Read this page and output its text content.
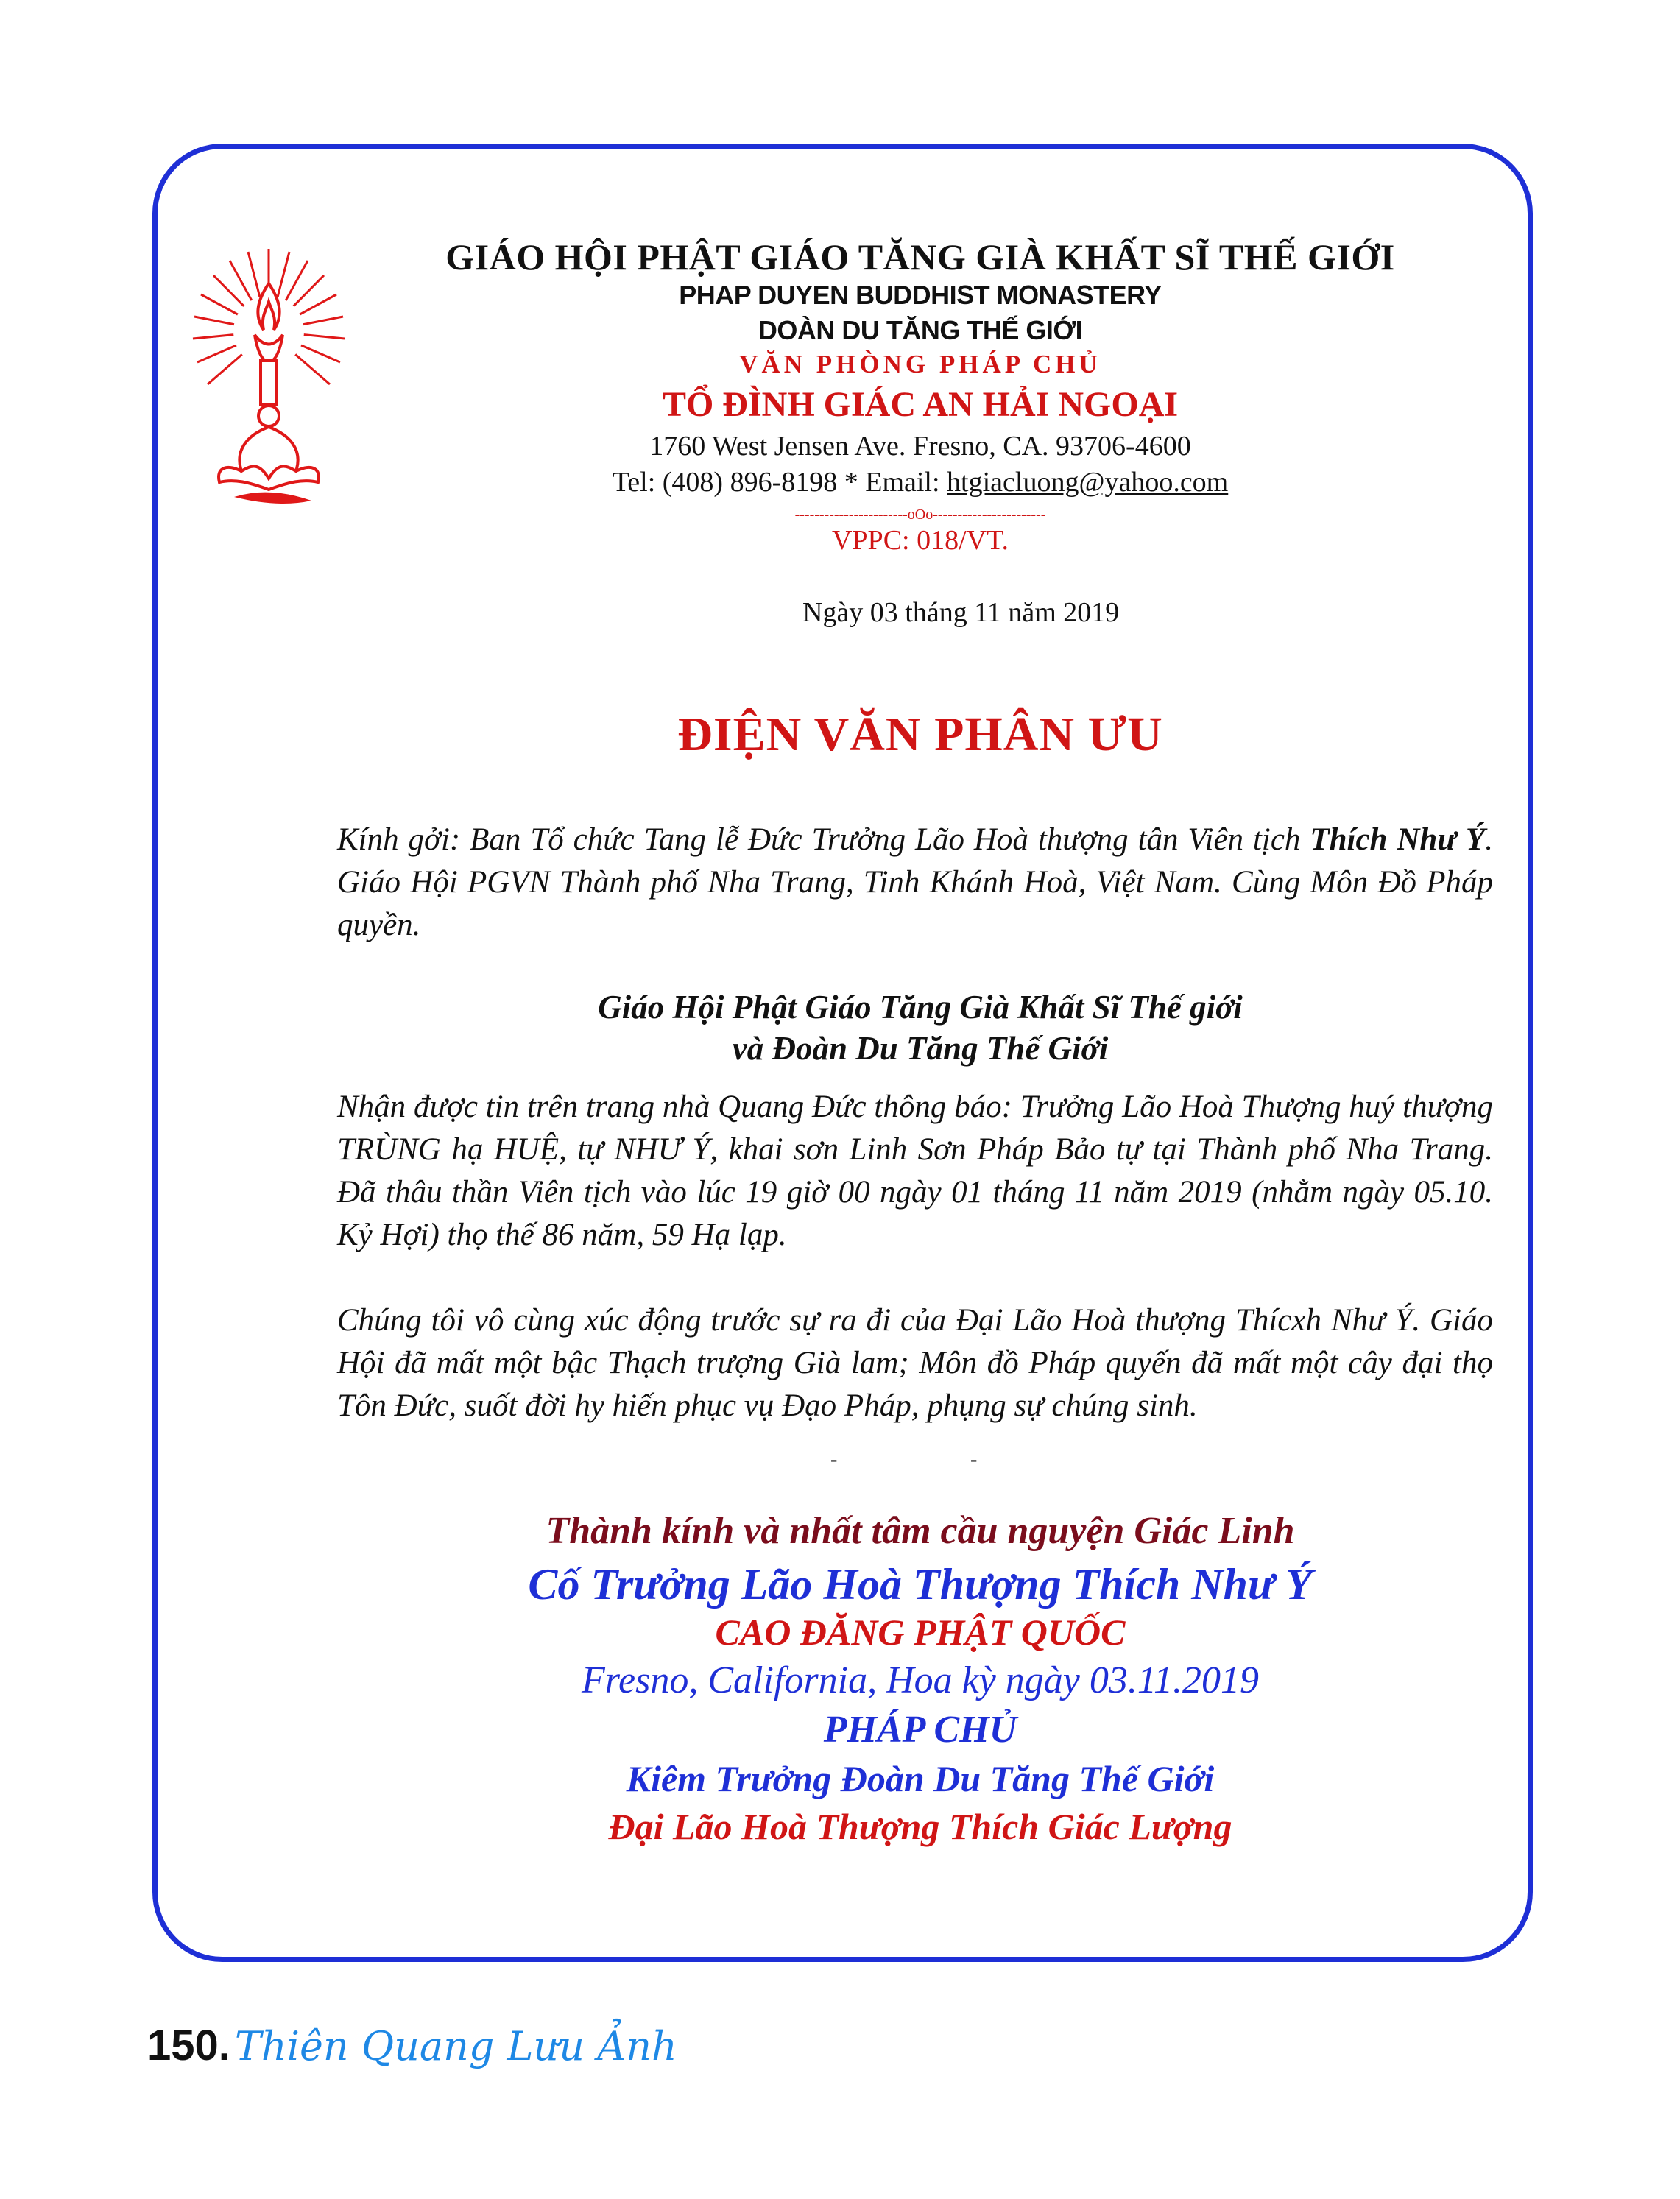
GIÁO HỘI PHẬT GIÁO TĂNG GIÀ KHẤT SĨ THẾ GIỚI
PHAP DUYEN BUDDHIST MONASTERY
DOÀN DU TĂNG THẾ GIỚI
VĂN PHÒNG PHÁP CHỦ
TỔ ĐÌNH GIÁC AN HẢI NGOẠI
1760 West Jensen Ave. Fresno, CA. 93706-4600
Tel: (408) 896-8198 * Email: htgiacluong@yahoo.com
-----------------------oOo-----------------------
VPPC: 018/VT.
Ngày 03 tháng 11 năm 2019
ĐIỆN VĂN PHÂN ƯU

Kính gởi: Ban Tổ chức Tang lễ Đức Trưởng Lão Hoà thượng tân Viên tịch Thích Như Ý. Giáo Hội PGVN Thành phố Nha Trang, Tinh Khánh Hoà, Việt Nam. Cùng Môn Đồ Pháp quyền.

Giáo Hội Phật Giáo Tăng Già Khất Sĩ Thế giới
và Đoàn Du Tăng Thế Giới

Nhận được tin trên trang nhà Quang Đức thông báo: Trưởng Lão Hoà Thượng huý thượng TRÙNG hạ HUỆ, tự NHƯ Ý, khai sơn Linh Sơn Pháp Bảo tự tại Thành phố Nha Trang. Đã thâu thần Viên tịch vào lúc 19 giờ 00 ngày 01 tháng 11 năm 2019 (nhằm ngày 05.10. Kỷ Hợi) thọ thế 86 năm, 59 Hạ lạp.

Chúng tôi vô cùng xúc động trước sự ra đi của Đại Lão Hoà thượng Thícxh Như Ý. Giáo Hội đã mất một bậc Thạch trượng Già lam; Môn đồ Pháp quyến đã mất một cây đại thọ Tôn Đức, suốt đời hy hiến phục vụ Đạo Pháp, phụng sự chúng sinh.

-	-
Thành kính và nhất tâm cầu nguyện Giác Linh
Cố Trưởng Lão Hoà Thượng Thích Như Ý
CAO ĐĂNG PHẬT QUỐC
Fresno, California, Hoa kỳ ngày 03.11.2019
PHÁP CHỦ
Kiêm Trưởng Đoàn Du Tăng Thế Giới
Đại Lão Hoà Thượng Thích Giác Lượng
150. Thiên Quang Lưu Ảnh
